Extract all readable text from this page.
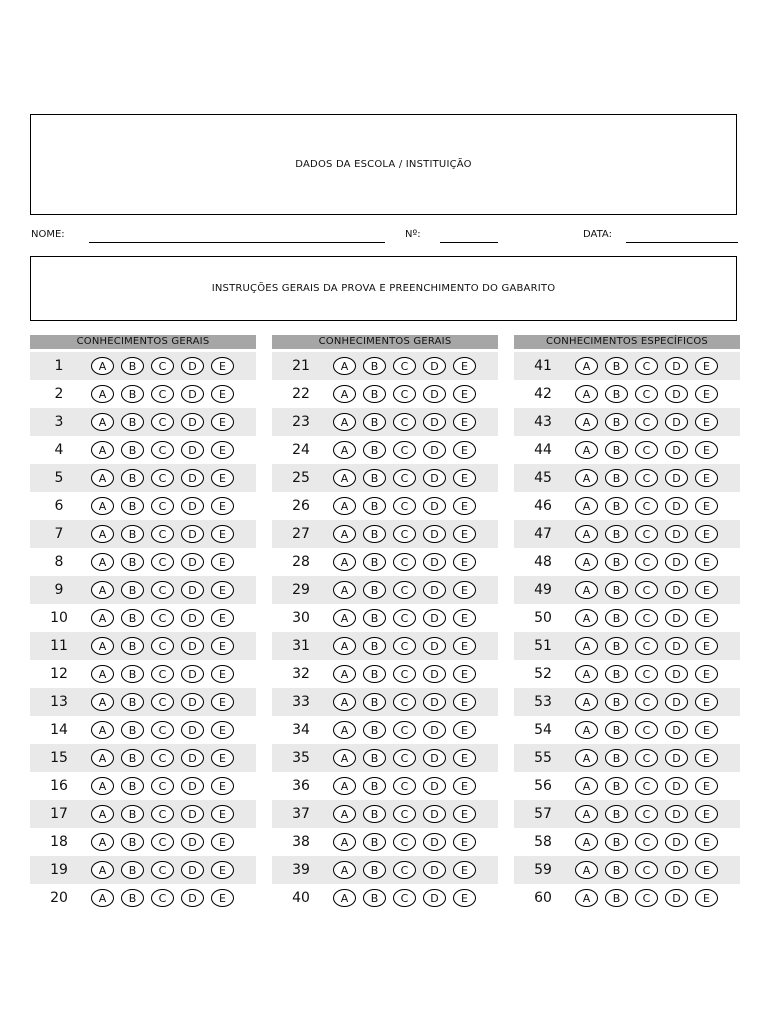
DADOS DA ESCOLA / INSTITUIÇÃO
NOME:	Nº:	DATA:
INSTRUÇÕES GERAIS DA PROVA E PREENCHIMENTO DO GABARITO
CONHECIMENTOS GERAIS
1	A	B	C	D	E
2	A	B	C	D	E
3	A	B	C	D	E
4	A	B	C	D	E
5	A	B	C	D	E
6	A	B	C	D	E
7	A	B	C	D	E
8	A	B	C	D	E
9	A	B	C	D	E
10	A	B	C	D	E
11	A	B	C	D	E
12	A	B	C	D	E
13	A	B	C	D	E
14	A	B	C	D	E
15	A	B	C	D	E
16	A	B	C	D	E
17	A	B	C	D	E
18	A	B	C	D	E
19	A	B	C	D	E
20	A	B	C	D	E
CONHECIMENTOS GERAIS
21	A	B	C	D	E
22	A	B	C	D	E
23	A	B	C	D	E
24	A	B	C	D	E
25	A	B	C	D	E
26	A	B	C	D	E
27	A	B	C	D	E
28	A	B	C	D	E
29	A	B	C	D	E
30	A	B	C	D	E
31	A	B	C	D	E
32	A	B	C	D	E
33	A	B	C	D	E
34	A	B	C	D	E
35	A	B	C	D	E
36	A	B	C	D	E
37	A	B	C	D	E
38	A	B	C	D	E
39	A	B	C	D	E
40	A	B	C	D	E
CONHECIMENTOS ESPECÍFICOS
41	A	B	C	D	E
42	A	B	C	D	E
43	A	B	C	D	E
44	A	B	C	D	E
45	A	B	C	D	E
46	A	B	C	D	E
47	A	B	C	D	E
48	A	B	C	D	E
49	A	B	C	D	E
50	A	B	C	D	E
51	A	B	C	D	E
52	A	B	C	D	E
53	A	B	C	D	E
54	A	B	C	D	E
55	A	B	C	D	E
56	A	B	C	D	E
57	A	B	C	D	E
58	A	B	C	D	E
59	A	B	C	D	E
60	A	B	C	D	E
